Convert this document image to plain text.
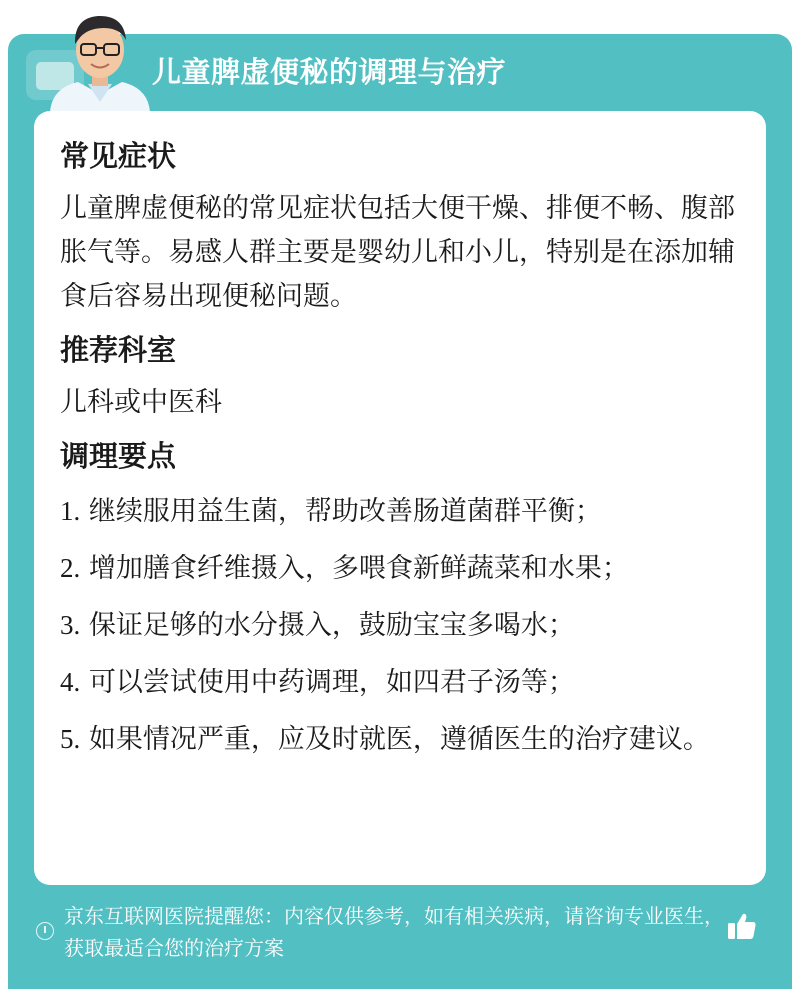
儿童脾虚便秘的调理与治疗
常见症状

儿童脾虚便秘的常见症状包括大便干燥、排便不畅、腹部胀气等。易感人群主要是婴幼儿和小儿，特别是在添加辅食后容易出现便秘问题。

推荐科室

儿科或中医科

调理要点
1. 继续服用益生菌，帮助改善肠道菌群平衡；
2. 增加膳食纤维摄入，多喂食新鲜蔬菜和水果；
3. 保证足够的水分摄入，鼓励宝宝多喝水；
4. 可以尝试使用中药调理，如四君子汤等；
5. 如果情况严重，应及时就医，遵循医生的治疗建议。
京东互联网医院提醒您：内容仅供参考，如有相关疾病，请咨询专业医生，获取最适合您的治疗方案
